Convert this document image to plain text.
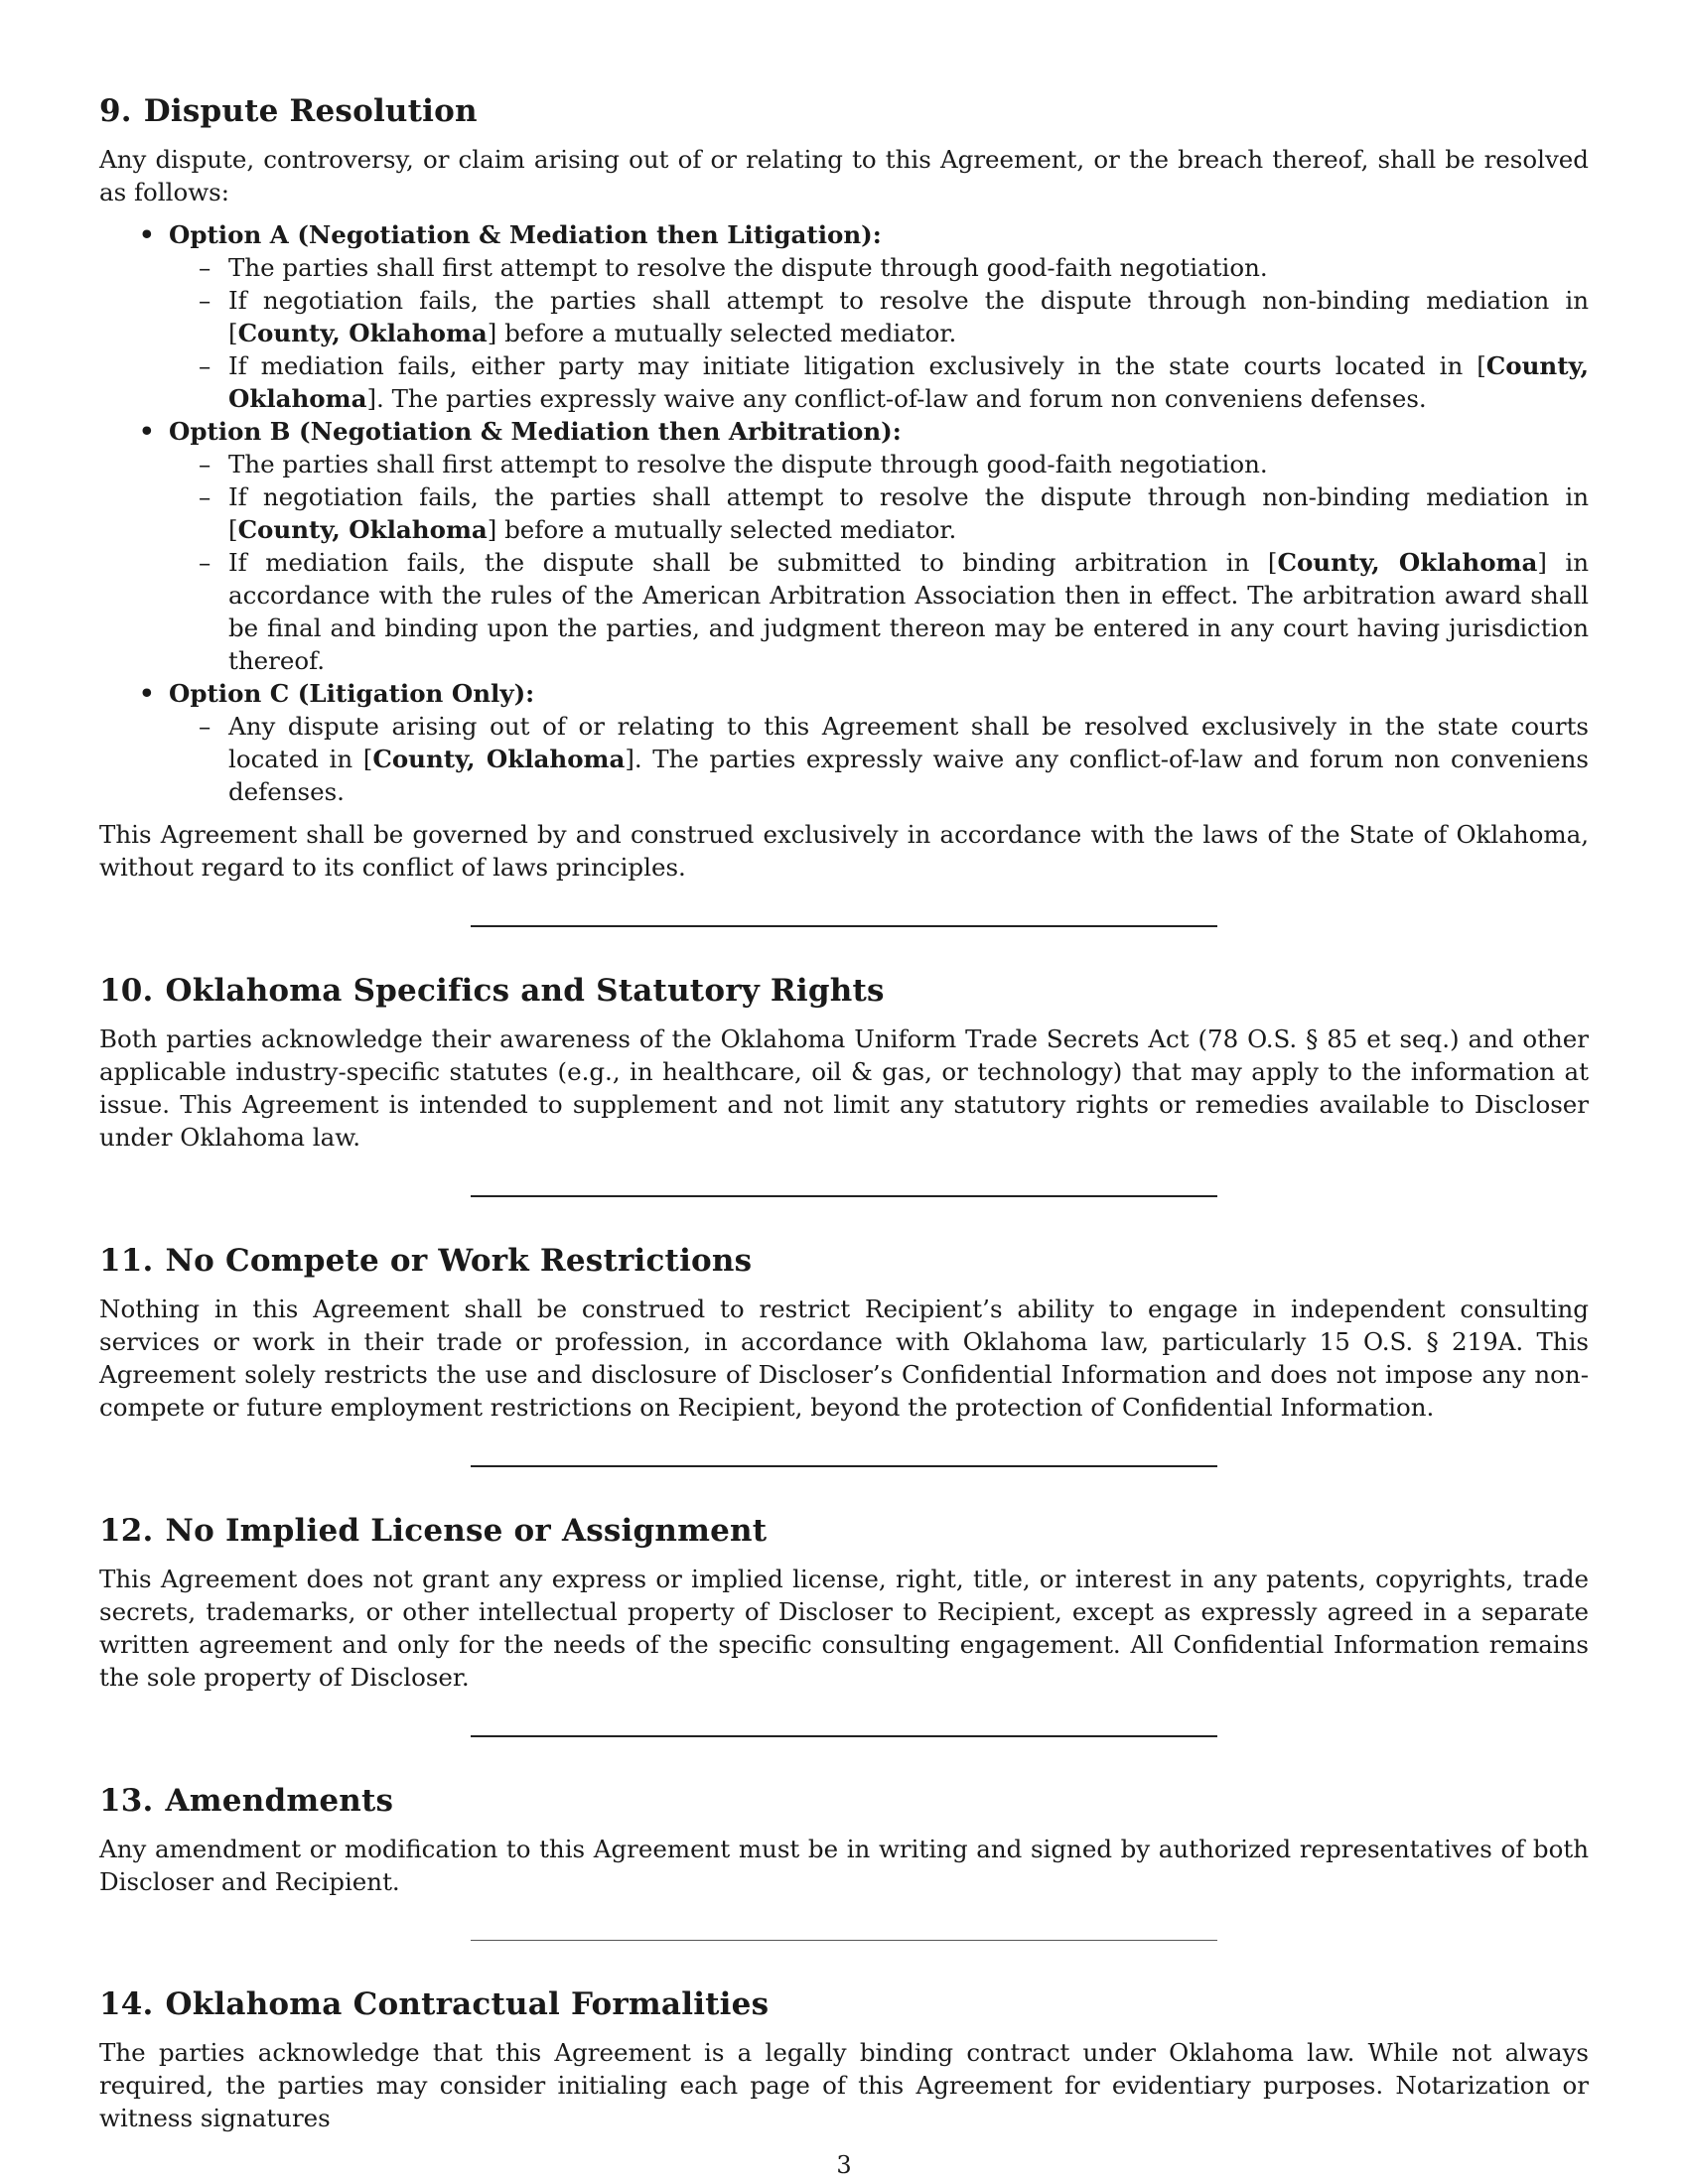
9. Dispute Resolution

Any dispute, controversy, or claim arising out of or relating to this Agreement, or the breach thereof, shall be resolved as follows:

• Option A (Negotiation & Mediation then Litigation):
– The parties shall first attempt to resolve the dispute through good-faith negotiation.
– If negotiation fails, the parties shall attempt to resolve the dispute through non-binding mediation in [County, Oklahoma] before a mutually selected mediator.
– If mediation fails, either party may initiate litigation exclusively in the state courts located in [County, Oklahoma]. The parties expressly waive any conflict-of-law and forum non conveniens defenses.
• Option B (Negotiation & Mediation then Arbitration):
– The parties shall first attempt to resolve the dispute through good-faith negotiation.
– If negotiation fails, the parties shall attempt to resolve the dispute through non-binding mediation in [County, Oklahoma] before a mutually selected mediator.
– If mediation fails, the dispute shall be submitted to binding arbitration in [County, Oklahoma] in accordance with the rules of the American Arbitration Association then in effect. The arbitration award shall be final and binding upon the parties, and judgment thereon may be entered in any court having jurisdiction thereof.
• Option C (Litigation Only):
– Any dispute arising out of or relating to this Agreement shall be resolved exclusively in the state courts located in [County, Oklahoma]. The parties expressly waive any conflict-of-law and forum non conveniens defenses.

This Agreement shall be governed by and construed exclusively in accordance with the laws of the State of Oklahoma, without regard to its conflict of laws principles.

10. Oklahoma Specifics and Statutory Rights

Both parties acknowledge their awareness of the Oklahoma Uniform Trade Secrets Act (78 O.S. § 85 et seq.) and other applicable industry-specific statutes (e.g., in healthcare, oil & gas, or technology) that may apply to the information at issue. This Agreement is intended to supplement and not limit any statutory rights or remedies available to Discloser under Oklahoma law.

11. No Compete or Work Restrictions

Nothing in this Agreement shall be construed to restrict Recipient’s ability to engage in independent consulting services or work in their trade or profession, in accordance with Oklahoma law, particularly 15 O.S. § 219A. This Agreement solely restricts the use and disclosure of Discloser’s Confidential Information and does not impose any non-compete or future employment restrictions on Recipient, beyond the protection of Confidential Information.

12. No Implied License or Assignment

This Agreement does not grant any express or implied license, right, title, or interest in any patents, copyrights, trade secrets, trademarks, or other intellectual property of Discloser to Recipient, except as expressly agreed in a separate written agreement and only for the needs of the specific consulting engagement. All Confidential Information remains the sole property of Discloser.

13. Amendments

Any amendment or modification to this Agreement must be in writing and signed by authorized representatives of both Discloser and Recipient.

14. Oklahoma Contractual Formalities

The parties acknowledge that this Agreement is a legally binding contract under Oklahoma law. While not always required, the parties may consider initialing each page of this Agreement for evidentiary purposes. Notarization or witness signatures

3
